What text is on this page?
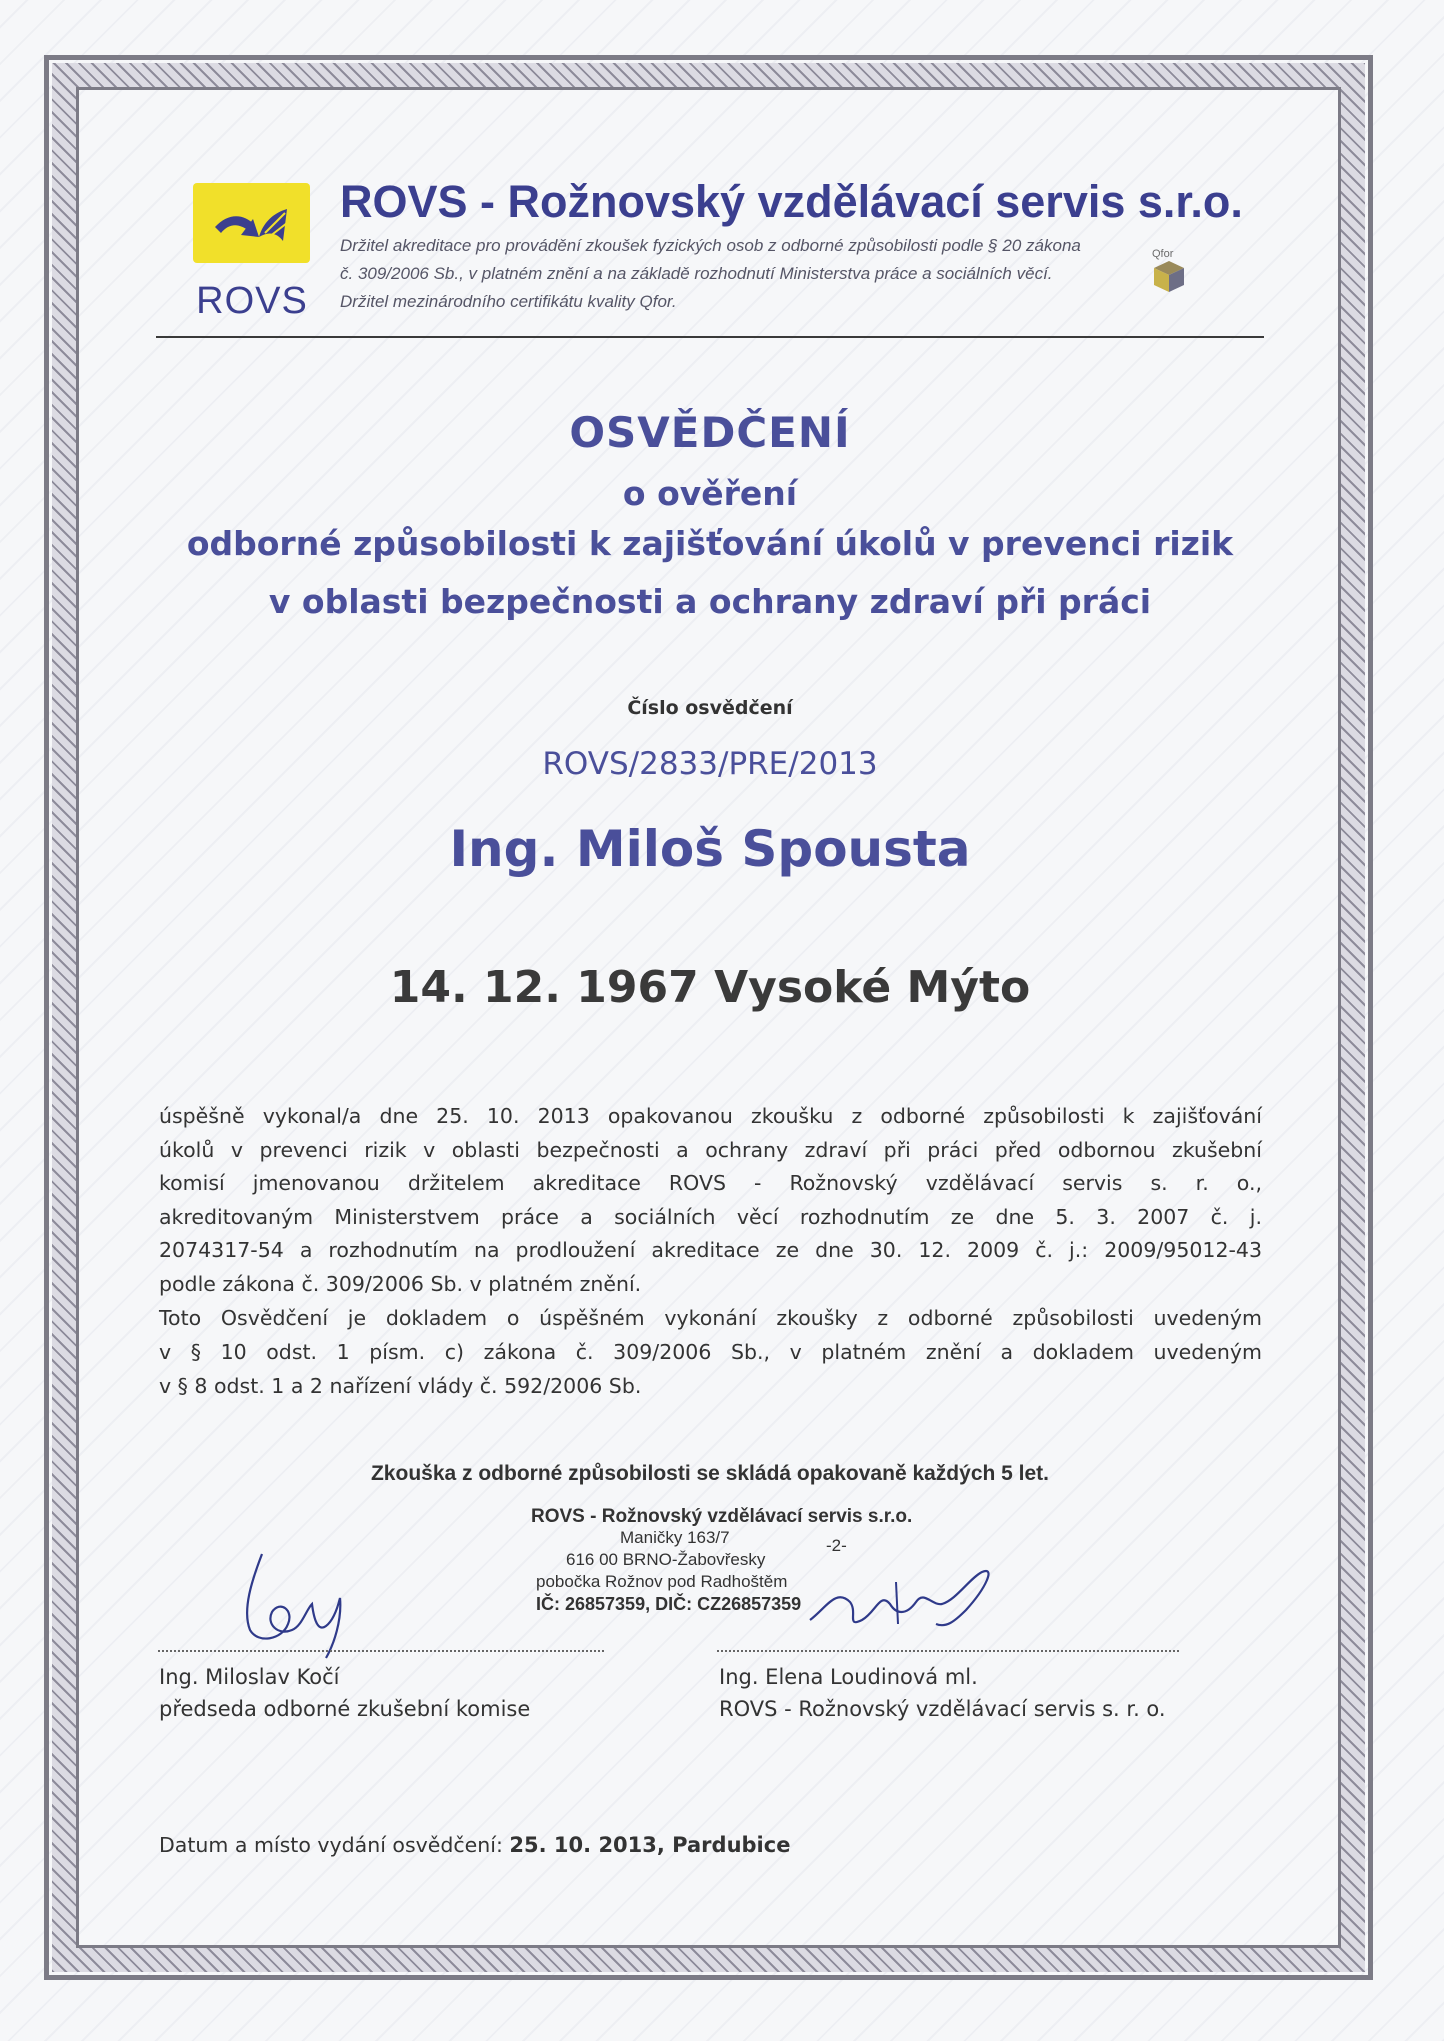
ROVS
ROVS - Rožnovský vzdělávací servis s.r.o.
Držitel akreditace pro provádění zkoušek fyzických osob z odborné způsobilosti podle § 20 zákona
č. 309/2006 Sb., v platném znění a na základě rozhodnutí Ministerstva práce a sociálních věcí.
Držitel mezinárodního certifikátu kvality Qfor.
Qfor
OSVĚDČENÍ
o ověření
odborné způsobilosti k zajišťování úkolů v prevenci rizik
v oblasti bezpečnosti a ochrany zdraví při práci
Číslo osvědčení
ROVS/2833/PRE/2013
Ing. Miloš Spousta
14. 12. 1967 Vysoké Mýto
úspěšně vykonal/a dne 25. 10. 2013 opakovanou zkoušku z odborné způsobilosti k zajišťování
úkolů v prevenci rizik v oblasti bezpečnosti a ochrany zdraví při práci před odbornou zkušební
komisí jmenovanou držitelem akreditace ROVS - Rožnovský vzdělávací servis s. r. o.,
akreditovaným Ministerstvem práce a sociálních věcí rozhodnutím ze dne 5. 3. 2007 č. j.
2074317-54 a rozhodnutím na prodloužení akreditace ze dne 30. 12. 2009 č. j.: 2009/95012-43
podle zákona č. 309/2006 Sb. v platném znění.
Toto Osvědčení je dokladem o úspěšném vykonání zkoušky z odborné způsobilosti uvedeným
v § 10 odst. 1 písm. c) zákona č. 309/2006 Sb., v platném znění a dokladem uvedeným
v § 8 odst. 1 a 2 nařízení vlády č. 592/2006 Sb.
Zkouška z odborné způsobilosti se skládá opakovaně každých 5 let.
ROVS - Rožnovský vzdělávací servis s.r.o.
Maničky 163/7	-2-
616 00 BRNO-Žabovřesky
pobočka Rožnov pod Radhoštěm
IČ: 26857359, DIČ: CZ26857359
Ing. Miloslav Kočí
předseda odborné zkušební komise
Ing. Elena Loudinová ml.
ROVS - Rožnovský vzdělávací servis s. r. o.
Datum a místo vydání osvědčení: 25. 10. 2013, Pardubice
